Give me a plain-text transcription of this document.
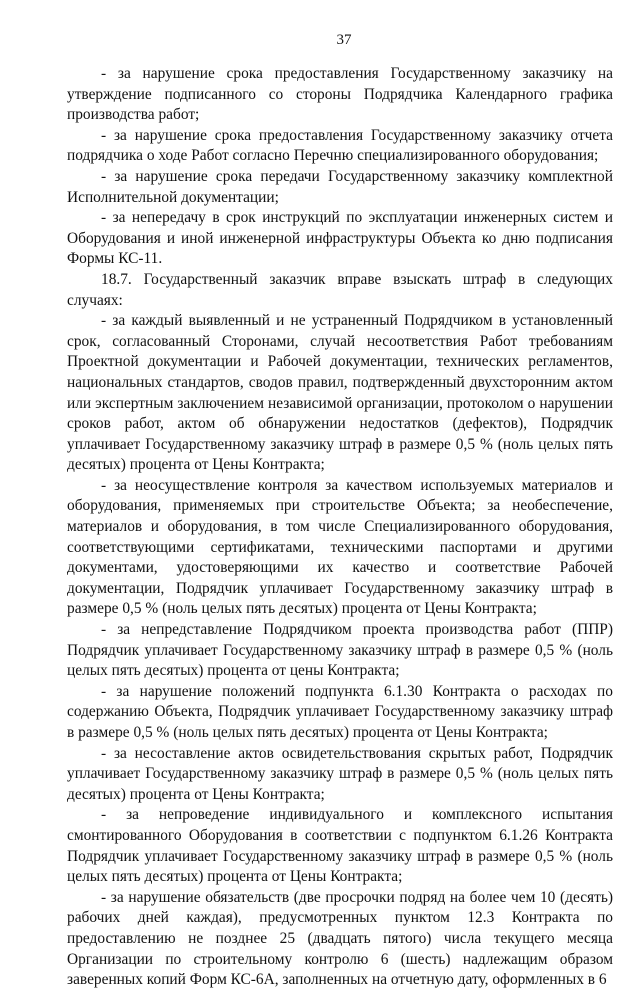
37

- за нарушение срока предоставления Государственному заказчику на утверждение подписанного со стороны Подрядчика Календарного графика производства работ;

- за нарушение срока предоставления Государственному заказчику отчета подрядчика о ходе Работ согласно Перечню специализированного оборудования;

- за нарушение срока передачи Государственному заказчику комплектной Исполнительной документации;

- за непередачу в срок инструкций по эксплуатации инженерных систем и Оборудования и иной инженерной инфраструктуры Объекта ко дню подписания Формы КС-11.

18.7. Государственный заказчик вправе взыскать штраф в следующих случаях:

- за каждый выявленный и не устраненный Подрядчиком в установленный срок, согласованный Сторонами, случай несоответствия Работ требованиям Проектной документации и Рабочей документации, технических регламентов, национальных стандартов, сводов правил, подтвержденный двухсторонним актом или экспертным заключением независимой организации, протоколом о нарушении сроков работ, актом об обнаружении недостатков (дефектов), Подрядчик уплачивает Государственному заказчику штраф в размере 0,5 % (ноль целых пять десятых) процента от Цены Контракта;

- за неосуществление контроля за качеством используемых материалов и оборудования, применяемых при строительстве Объекта; за необеспечение, материалов и оборудования, в том числе Специализированного оборудования, соответствующими сертификатами, техническими паспортами и другими документами, удостоверяющими их качество и соответствие Рабочей документации, Подрядчик уплачивает Государственному заказчику штраф в размере 0,5 % (ноль целых пять десятых) процента от Цены Контракта;

- за непредставление Подрядчиком проекта производства работ (ППР) Подрядчик уплачивает Государственному заказчику штраф в размере 0,5 % (ноль целых пять десятых) процента от цены Контракта;

- за нарушение положений подпункта 6.1.30 Контракта о расходах по содержанию Объекта, Подрядчик уплачивает Государственному заказчику штраф в размере 0,5 % (ноль целых пять десятых) процента от Цены Контракта;

- за несоставление актов освидетельствования скрытых работ, Подрядчик уплачивает Государственному заказчику штраф в размере 0,5 % (ноль целых пять десятых) процента от Цены Контракта;

- за непроведение индивидуального и комплексного испытания смонтированного Оборудования в соответствии с подпунктом 6.1.26 Контракта Подрядчик уплачивает Государственному заказчику штраф в размере 0,5 % (ноль целых пять десятых) процента от Цены Контракта;

- за нарушение обязательств (две просрочки подряд на более чем 10 (десять) рабочих дней каждая), предусмотренных пунктом 12.3 Контракта по предоставлению не позднее 25 (двадцать пятого) числа текущего месяца Организации по строительному контролю 6 (шесть) надлежащим образом заверенных копий Форм КС-6А, заполненных на отчетную дату, оформленных в 6
